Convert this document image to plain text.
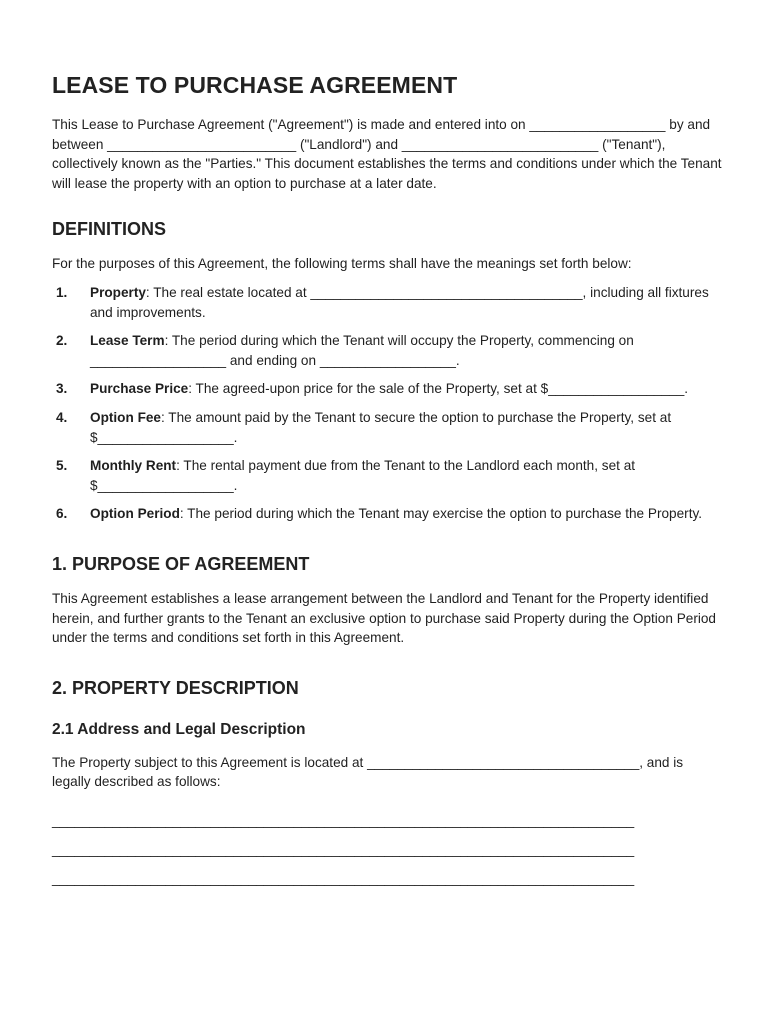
LEASE TO PURCHASE AGREEMENT

This Lease to Purchase Agreement ("Agreement") is made and entered into on __________________ by and between _________________________ ("Landlord") and __________________________ ("Tenant"), collectively known as the "Parties." This document establishes the terms and conditions under which the Tenant will lease the property with an option to purchase at a later date.

DEFINITIONS

For the purposes of this Agreement, the following terms shall have the meanings set forth below:

1. Property: The real estate located at ____________________________________, including all fixtures and improvements.
2. Lease Term: The period during which the Tenant will occupy the Property, commencing on __________________ and ending on __________________.
3. Purchase Price: The agreed-upon price for the sale of the Property, set at $__________________.
4. Option Fee: The amount paid by the Tenant to secure the option to purchase the Property, set at $__________________.
5. Monthly Rent: The rental payment due from the Tenant to the Landlord each month, set at $__________________.
6. Option Period: The period during which the Tenant may exercise the option to purchase the Property.
1. PURPOSE OF AGREEMENT

This Agreement establishes a lease arrangement between the Landlord and Tenant for the Property identified herein, and further grants to the Tenant an exclusive option to purchase said Property during the Option Period under the terms and conditions set forth in this Agreement.

2. PROPERTY DESCRIPTION
2.1 Address and Legal Description

The Property subject to this Agreement is located at ____________________________________, and is legally described as follows:

_____________________________________________________________________________
_____________________________________________________________________________
_____________________________________________________________________________
